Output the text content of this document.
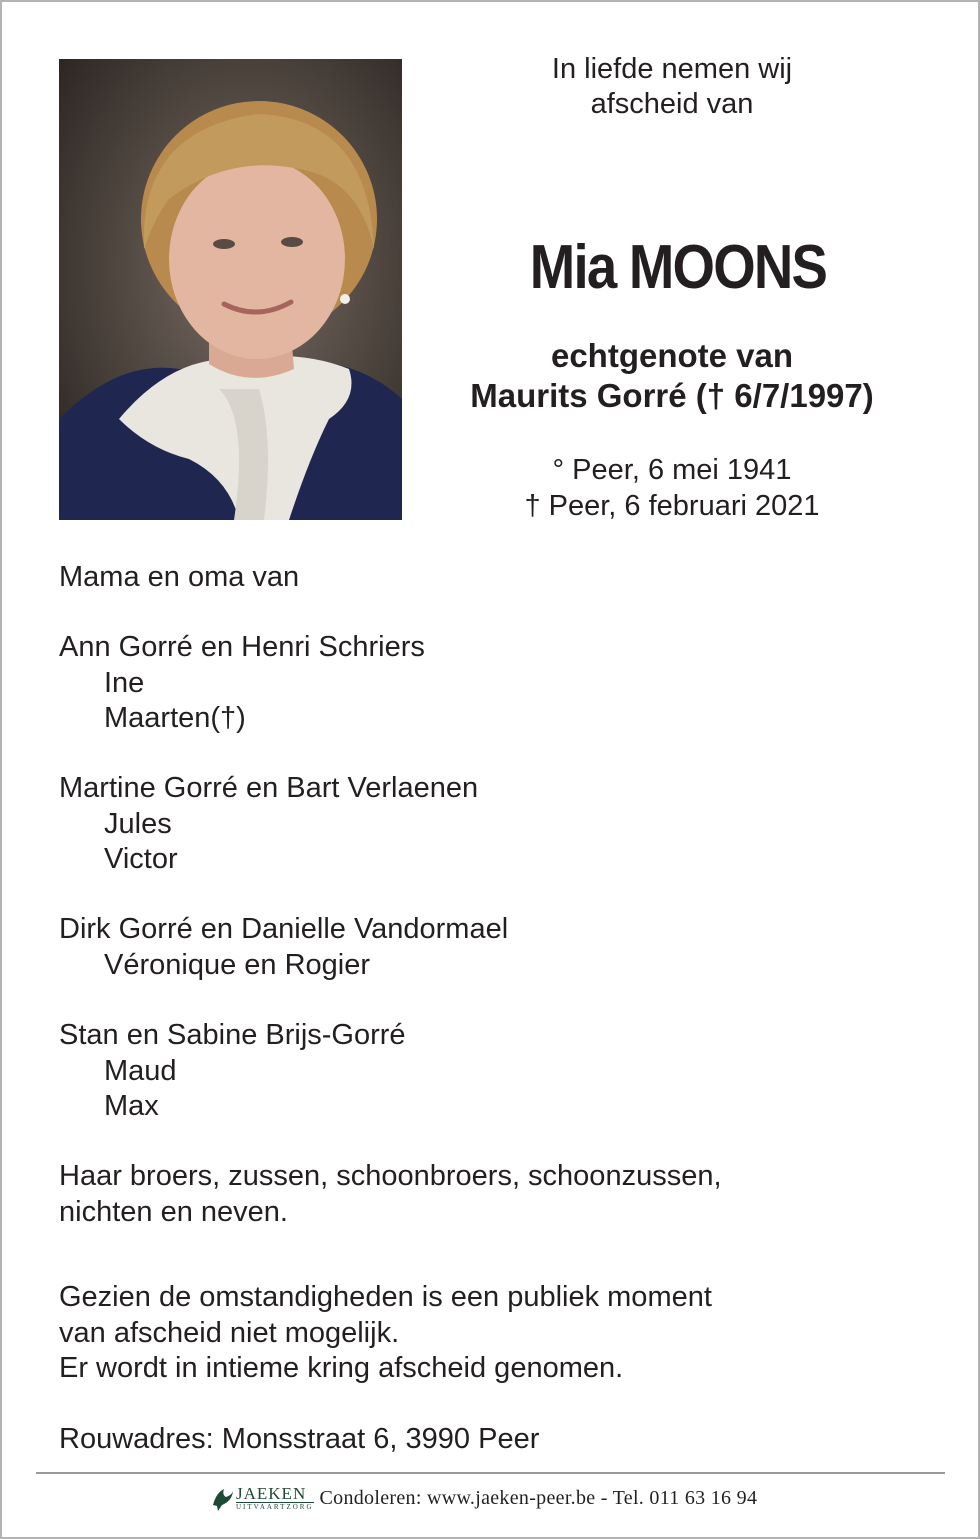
In liefde nemen wij
afscheid van
Mia MOONS
echtgenote van
Maurits Gorré († 6/7/1997)
° Peer, 6 mei 1941
† Peer, 6 februari 2021
Mama en oma van
Ann Gorré en Henri Schriers
Ine
Maarten(†)
Martine Gorré en Bart Verlaenen
Jules
Victor
Dirk Gorré en Danielle Vandormael
Véronique en Rogier
Stan en Sabine Brijs-Gorré
Maud
Max
Haar broers, zussen, schoonbroers, schoonzussen,
nichten en neven.
Gezien de omstandigheden is een publiek moment
van afscheid niet mogelijk.
Er wordt in intieme kring afscheid genomen.
Rouwadres: Monsstraat 6, 3990 Peer
JAEKEN
UITVAARTZORG Condoleren: www.jaeken-peer.be - Tel. 011 63 16 94
